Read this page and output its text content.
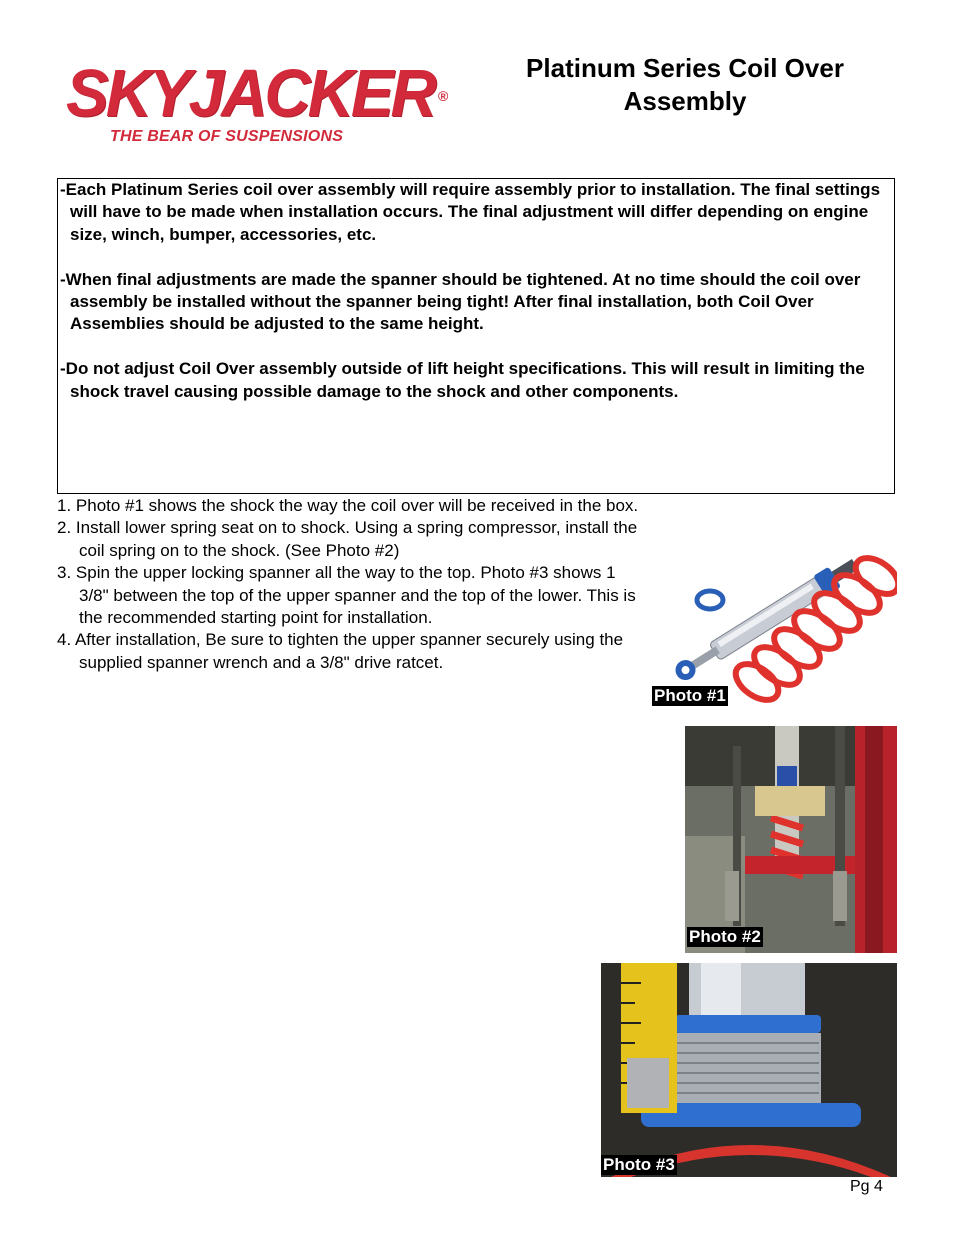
SKYJACKER ®
THE BEAR OF SUSPENSIONS
Platinum Series Coil Over
Assembly

-Each Platinum Series coil over assembly will require assembly prior to installation. The final settings will have to be made when installation occurs. The final adjustment will differ depending on engine size, winch, bumper, accessories, etc.

-When final adjustments are made the spanner should be tightened. At no time should the coil over assembly be installed without the spanner being tight! After final installation, both Coil Over Assemblies should be adjusted to the same height.

-Do not adjust Coil Over assembly outside of lift height specifications. This will result in limiting the shock travel causing possible damage to the shock and other components.

1. Photo #1 shows the shock the way the coil over will be received in the box.
2. Install lower spring seat on to shock. Using a spring compressor, install the coil spring on to the shock. (See Photo #2)
3. Spin the upper locking spanner all the way to the top. Photo #3 shows 1 3/8" between the top of the upper spanner and the top of the lower. This is the recommended starting point for installation.
4. After installation, Be sure to tighten the upper spanner securely using the supplied spanner wrench and a 3/8" drive ratcet.
Photo #1
Photo #2
Photo #3
Pg 4
